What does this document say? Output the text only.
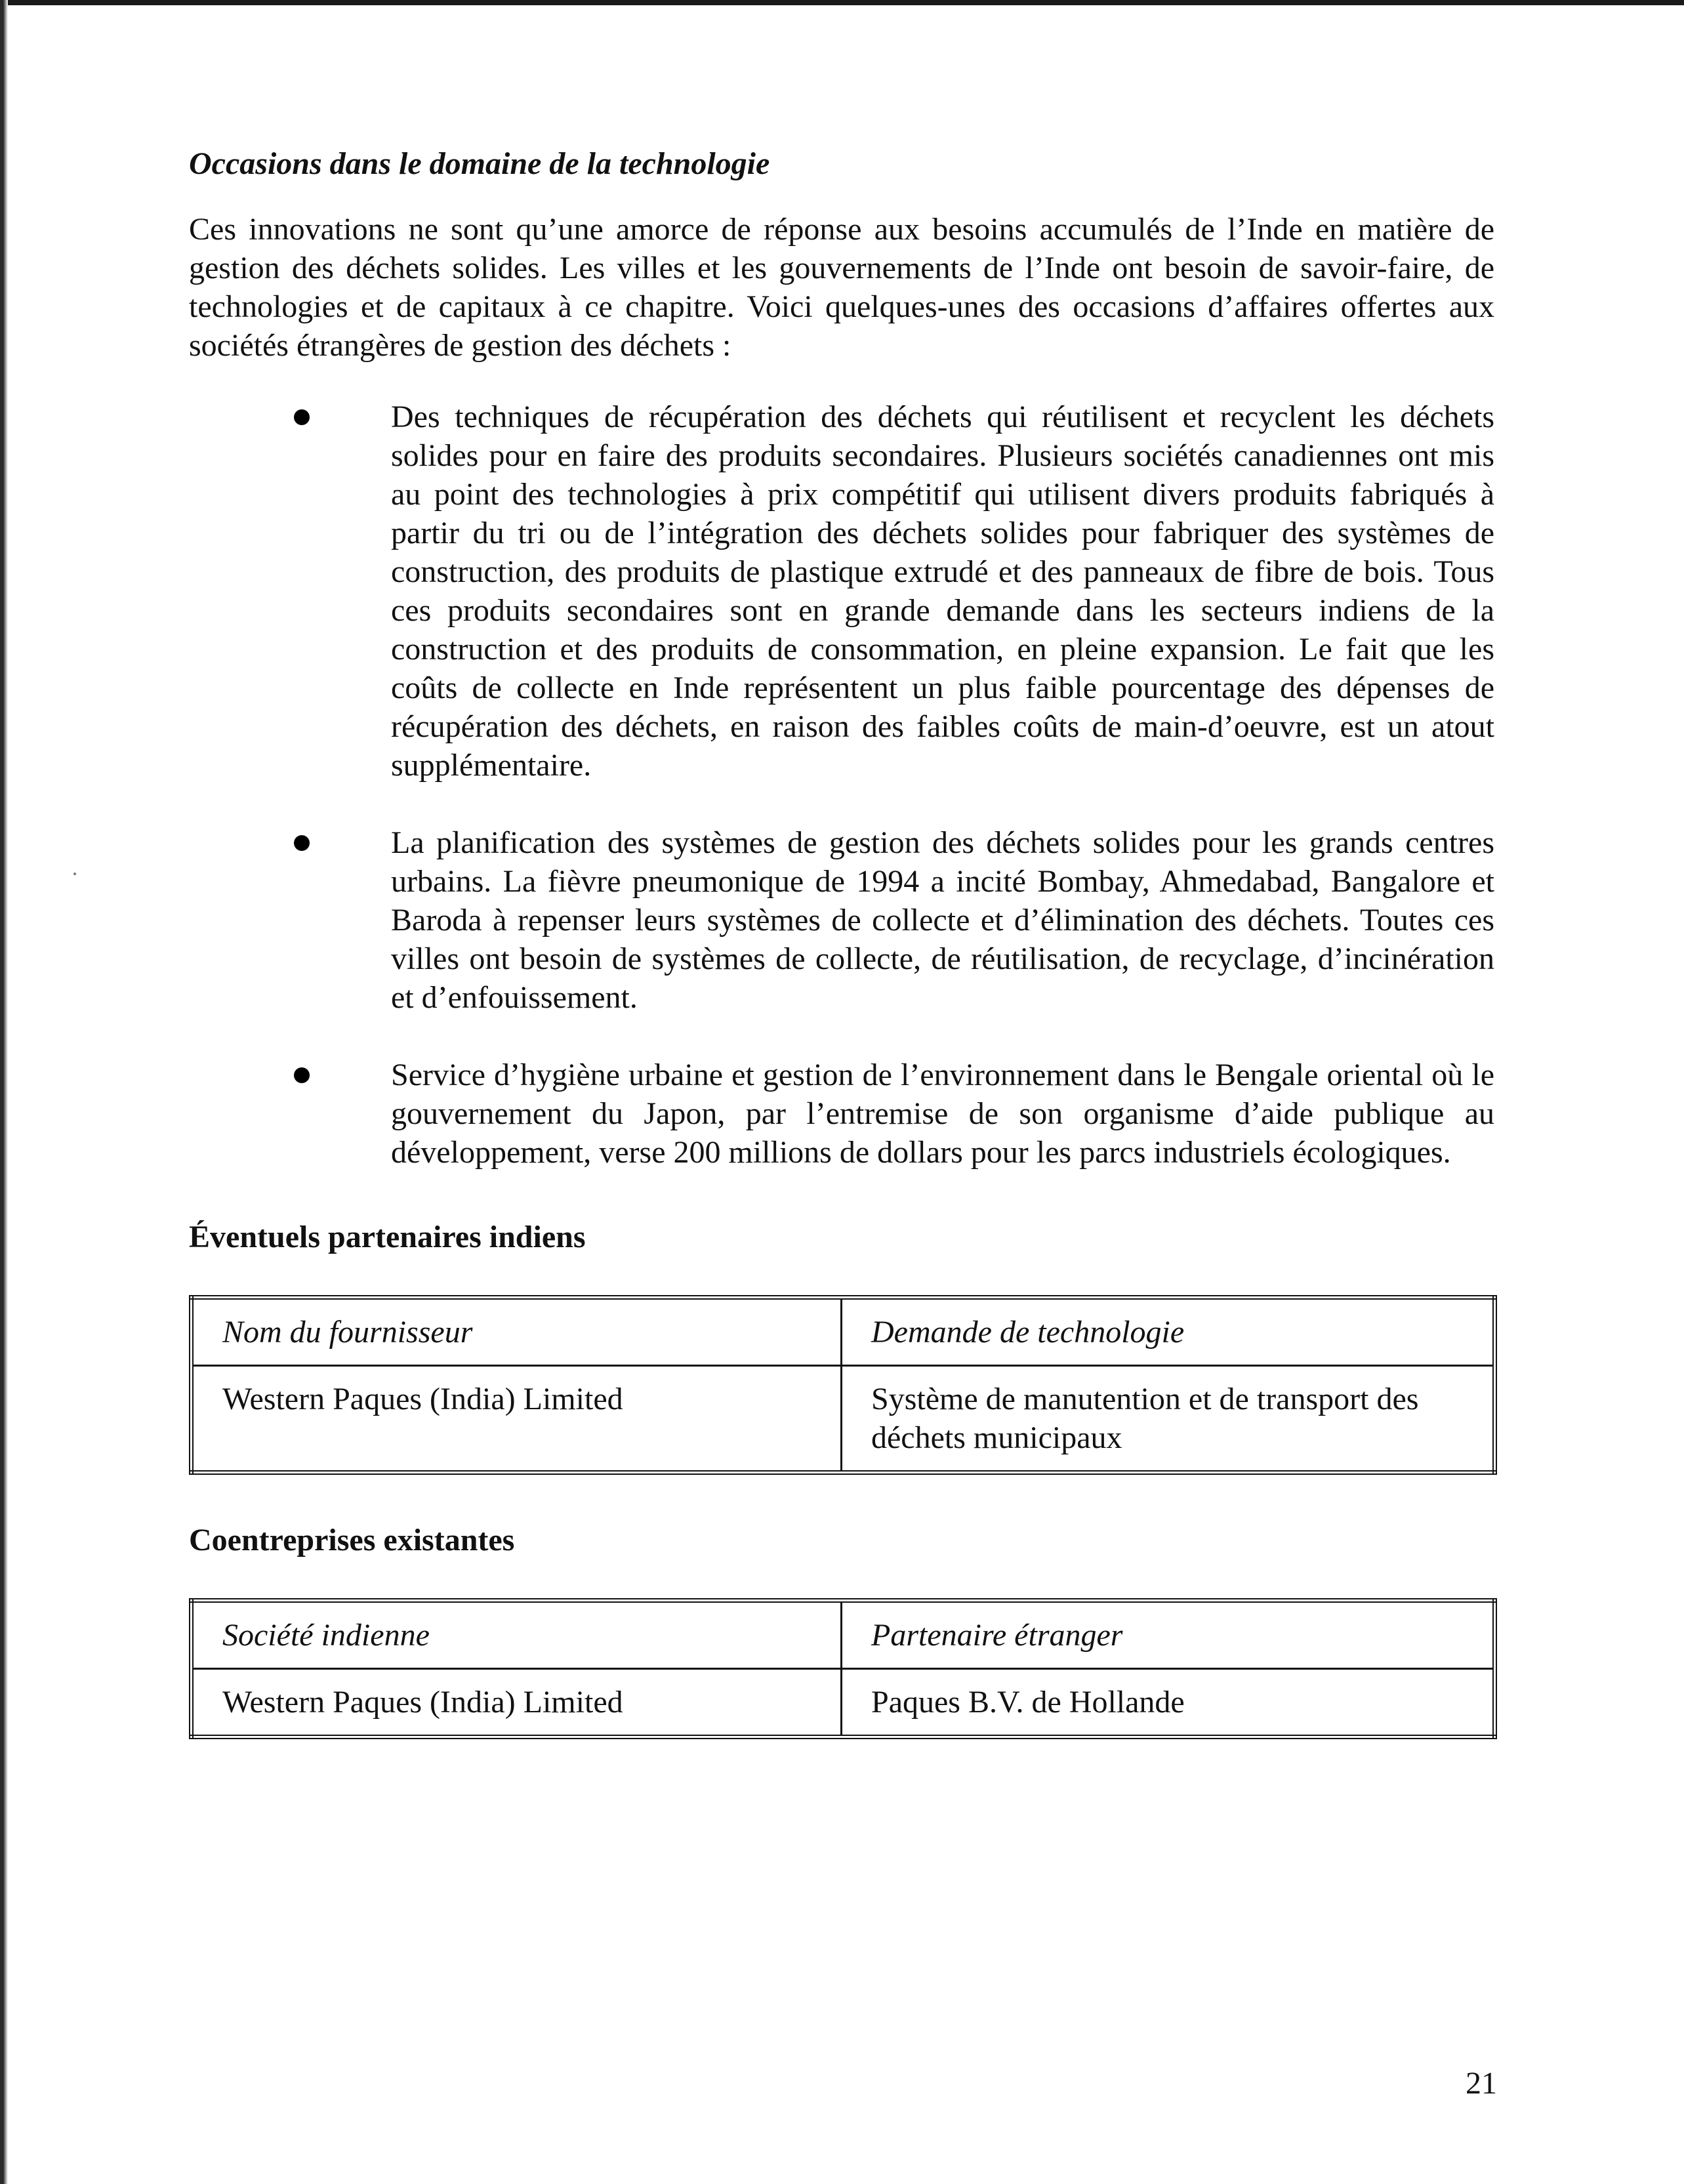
Occasions dans le domaine de la technologie

Ces innovations ne sont qu’une amorce de réponse aux besoins accumulés de l’Inde en matière de gestion des déchets solides. Les villes et les gouvernements de l’Inde ont besoin de savoir-faire, de technologies et de capitaux à ce chapitre. Voici quelques-unes des occasions d’affaires offertes aux sociétés étrangères de gestion des déchets :

Des techniques de récupération des déchets qui réutilisent et recyclent les déchets solides pour en faire des produits secondaires. Plusieurs sociétés canadiennes ont mis au point des technologies à prix compétitif qui utilisent divers produits fabriqués à partir du tri ou de l’intégration des déchets solides pour fabriquer des systèmes de construction, des produits de plastique extrudé et des panneaux de fibre de bois. Tous ces produits secondaires sont en grande demande dans les secteurs indiens de la construction et des produits de consommation, en pleine expansion. Le fait que les coûts de collecte en Inde représentent un plus faible pourcentage des dépenses de récupération des déchets, en raison des faibles coûts de main-d’oeuvre, est un atout supplémentaire.
La planification des systèmes de gestion des déchets solides pour les grands centres urbains. La fièvre pneumonique de 1994 a incité Bombay, Ahmedabad, Bangalore et Baroda à repenser leurs systèmes de collecte et d’élimination des déchets. Toutes ces villes ont besoin de systèmes de collecte, de réutilisation, de recyclage, d’incinération et d’enfouissement.
Service d’hygiène urbaine et gestion de l’environnement dans le Bengale oriental où le gouvernement du Japon, par l’entremise de son organisme d’aide publique au développement, verse 200 millions de dollars pour les parcs industriels écologiques.
Éventuels partenaires indiens
Nom du fournisseur	Demande de technologie
Western Paques (India) Limited	Système de manutention et de transport des déchets municipaux
Coentreprises existantes
Société indienne	Partenaire étranger
Western Paques (India) Limited	Paques B.V. de Hollande
21
